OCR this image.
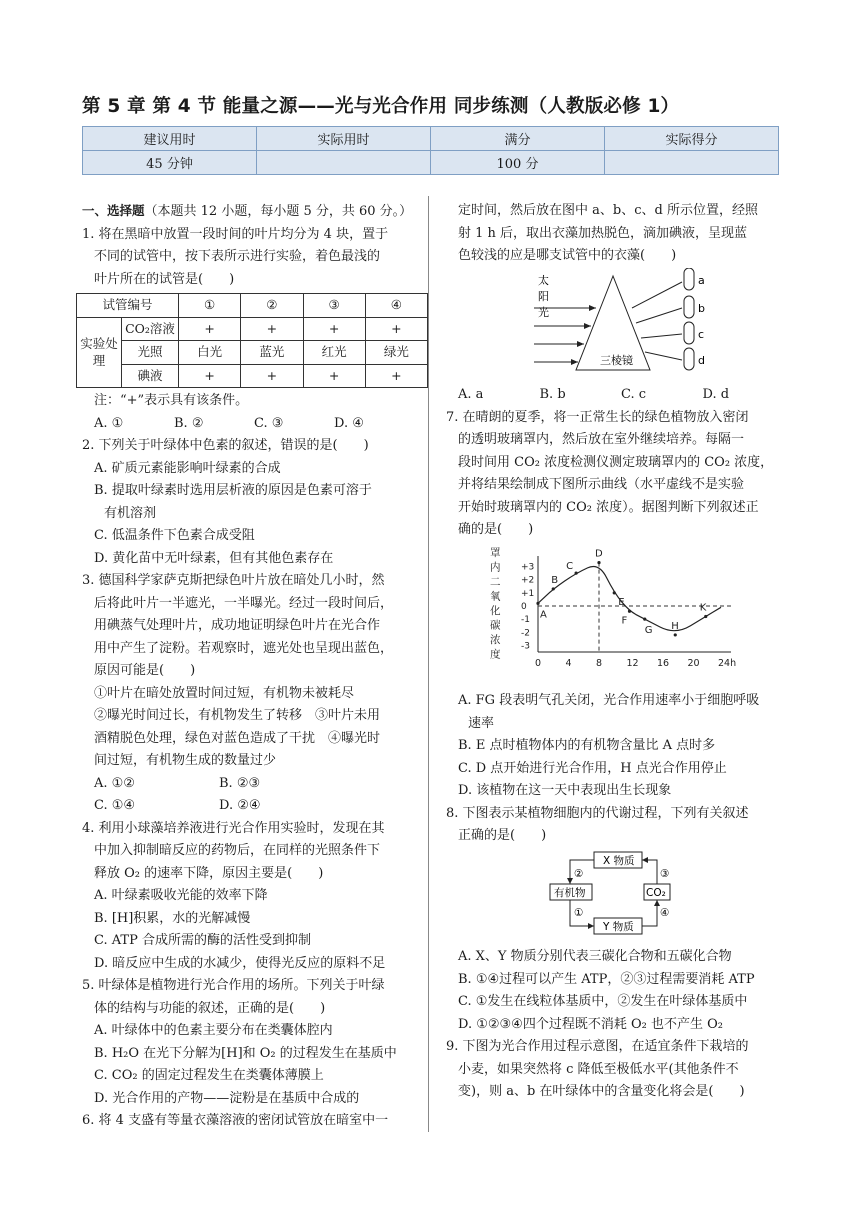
第 5 章 第 4 节 能量之源——光与光合作用 同步练测（人教版必修 1）
建议用时	实际用时	满分	实际得分
45 分钟		100 分	
一、选择题（本题共 12 小题，每小题 5 分，共 60 分。）
1. 将在黑暗中放置一段时间的叶片均分为 4 块，置于
不同的试管中，按下表所示进行实验，着色最浅的
叶片所在的试管是(　　)
试管编号		①	②	③	④
实验处理	CO₂溶液	+	+	+	+
	光照	白光	蓝光	红光	绿光
	碘液	+	+	+	+
注：“+”表示具有该条件。
A. ①	B. ②	C. ③	D. ④
2. 下列关于叶绿体中色素的叙述，错误的是(　　)
A. 矿质元素能影响叶绿素的合成
B. 提取叶绿素时选用层析液的原因是色素可溶于
有机溶剂
C. 低温条件下色素合成受阻
D. 黄化苗中无叶绿素，但有其他色素存在
3. 德国科学家萨克斯把绿色叶片放在暗处几小时，然
后将此叶片一半遮光，一半曝光。经过一段时间后，
用碘蒸气处理叶片，成功地证明绿色叶片在光合作
用中产生了淀粉。若观察时，遮光处也呈现出蓝色，
原因可能是(　　)
①叶片在暗处放置时间过短，有机物未被耗尽
②曝光时间过长，有机物发生了转移　③叶片未用
酒精脱色处理，绿色对蓝色造成了干扰　④曝光时
间过短，有机物生成的数量过少
A. ①②	B. ②③
C. ①④	D. ②④
4. 利用小球藻培养液进行光合作用实验时，发现在其
中加入抑制暗反应的药物后，在同样的光照条件下
释放 O₂ 的速率下降，原因主要是(　　)
A. 叶绿素吸收光能的效率下降
B. [H]积累，水的光解减慢
C. ATP 合成所需的酶的活性受到抑制
D. 暗反应中生成的水减少，使得光反应的原料不足
5. 叶绿体是植物进行光合作用的场所。下列关于叶绿
体的结构与功能的叙述，正确的是(　　)
A. 叶绿体中的色素主要分布在类囊体腔内
B. H₂O 在光下分解为[H]和 O₂ 的过程发生在基质中
C. CO₂ 的固定过程发生在类囊体薄膜上
D. 光合作用的产物——淀粉是在基质中合成的
6. 将 4 支盛有等量衣藻溶液的密闭试管放在暗室中一
定时间，然后放在图中 a、b、c、d 所示位置，经照
射 1 h 后，取出衣藻加热脱色，滴加碘液，呈现蓝
色较浅的应是哪支试管中的衣藻(　　)
太
阳
光
三棱镜
a
b
c
d
A. a	B. b	C. c	D. d
7. 在晴朗的夏季，将一正常生长的绿色植物放入密闭
的透明玻璃罩内，然后放在室外继续培养。每隔一
段时间用 CO₂ 浓度检测仪测定玻璃罩内的 CO₂ 浓度，
并将结果绘制成下图所示曲线（水平虚线不是实验
开始时玻璃罩内的 CO₂ 浓度）。据图判断下列叙述正
确的是(　　)
+3
+2
+1
0
-1
-2
-3
罩
内
二
氧
化
碳
浓
度
0	4	8	12 16 20 24h
A
B
C
D
E
F
G H
K
A. FG 段表明气孔关闭，光合作用速率小于细胞呼吸
速率
B. E 点时植物体内的有机物含量比 A 点时多
C. D 点开始进行光合作用，H 点光合作用停止
D. 该植物在这一天中表现出生长现象
8. 下图表示某植物细胞内的代谢过程，下列有关叙述
正确的是(　　)
X 物质
Y 物质
有机物	CO₂
②
①	④
③
A. X、Y 物质分别代表三碳化合物和五碳化合物
B. ①④过程可以产生 ATP，②③过程需要消耗 ATP
C. ①发生在线粒体基质中，②发生在叶绿体基质中
D. ①②③④四个过程既不消耗 O₂ 也不产生 O₂
9. 下图为光合作用过程示意图，在适宜条件下栽培的
小麦，如果突然将 c 降低至极低水平(其他条件不
变)，则 a、b 在叶绿体中的含量变化将会是(　　)
